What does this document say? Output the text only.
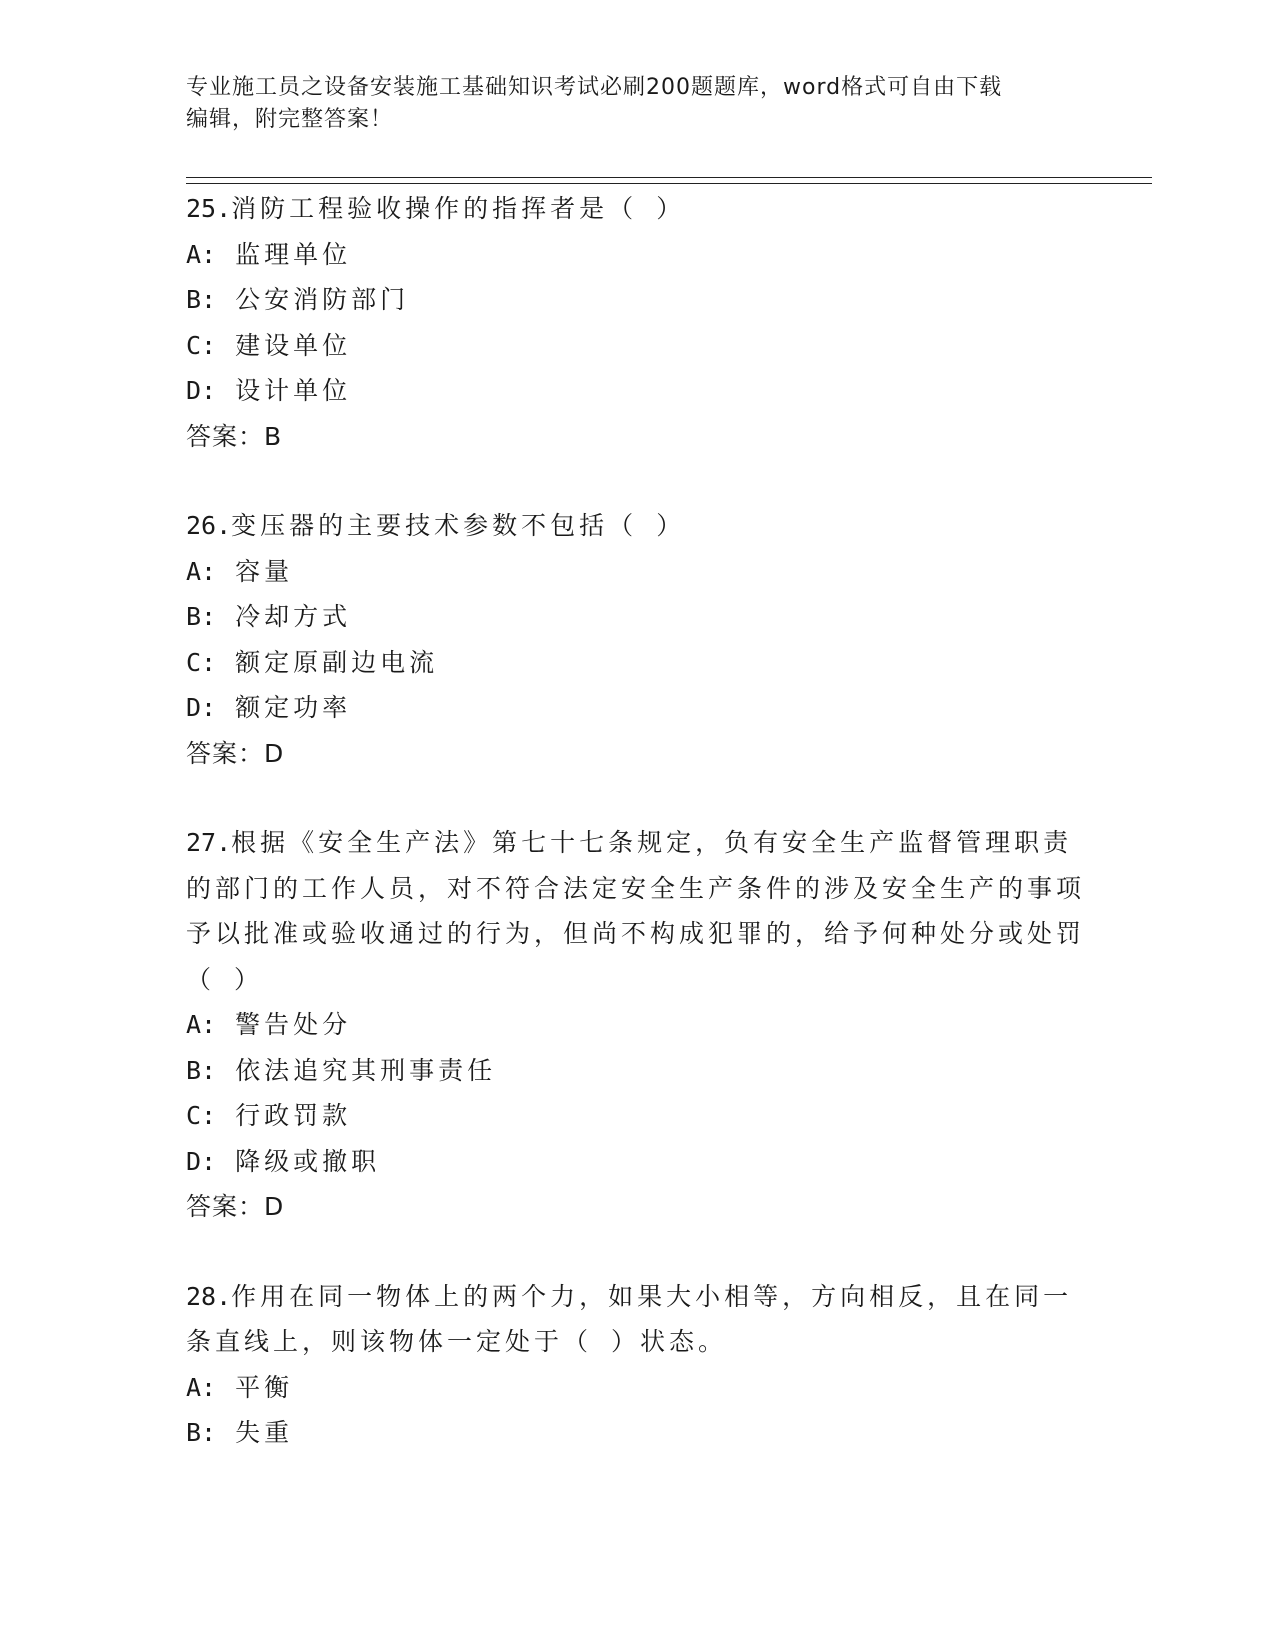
专业施工员之设备安装施工基础知识考试必刷200题题库，word格式可自由下载
编辑，附完整答案！
25.消防工程验收操作的指挥者是（ ）
A: 监理单位
B: 公安消防部门
C: 建设单位
D: 设计单位
答案：B
26.变压器的主要技术参数不包括（ ）
A: 容量
B: 冷却方式
C: 额定原副边电流
D: 额定功率
答案：D
27.根据《安全生产法》第七十七条规定，负有安全生产监督管理职责的部门的工作人员，对不符合法定安全生产条件的涉及安全生产的事项予以批准或验收通过的行为，但尚不构成犯罪的，给予何种处分或处罚（ ）
A: 警告处分
B: 依法追究其刑事责任
C: 行政罚款
D: 降级或撤职
答案：D
28.作用在同一物体上的两个力，如果大小相等，方向相反，且在同一条直线上，则该物体一定处于（ ）状态。
A: 平衡
B: 失重
